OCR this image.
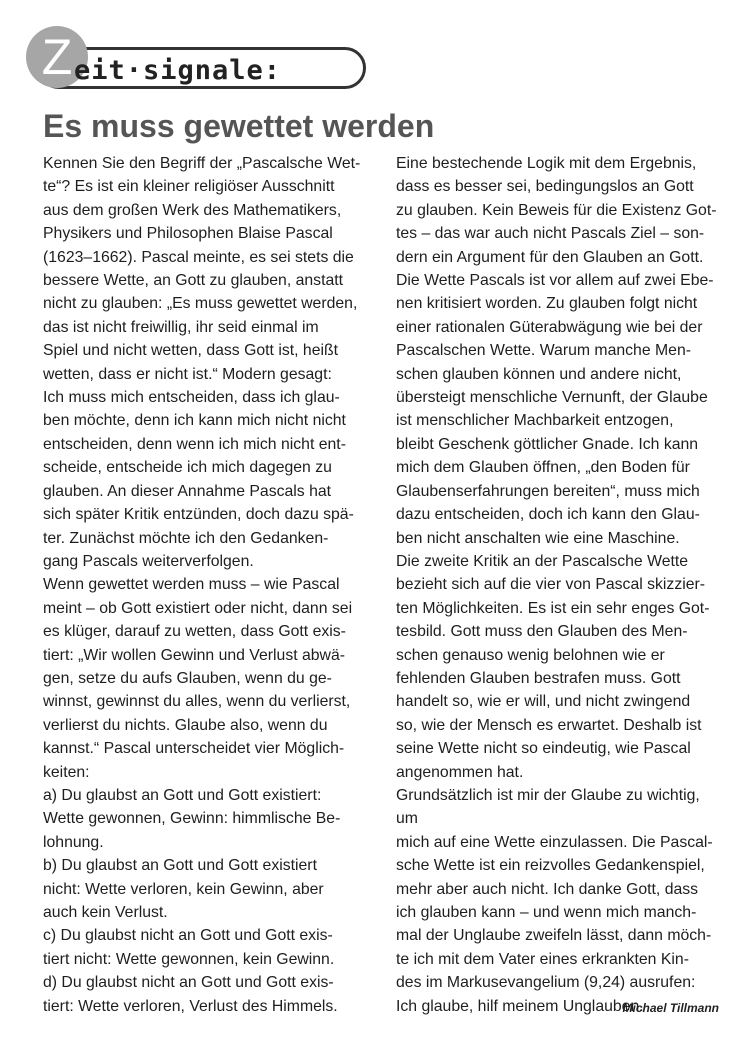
Z eit·signale:
Es muss gewettet werden

Kennen Sie den Begriff der „Pascalsche Wet-

te“? Es ist ein kleiner religiöser Ausschnitt

aus dem großen Werk des Mathematikers,

Physikers und Philosophen Blaise Pascal

(1623–1662). Pascal meinte, es sei stets die

bessere Wette, an Gott zu glauben, anstatt

nicht zu glauben: „Es muss gewettet werden,

das ist nicht freiwillig, ihr seid einmal im

Spiel und nicht wetten, dass Gott ist, heißt

wetten, dass er nicht ist.“ Modern gesagt:

Ich muss mich entscheiden, dass ich glau-

ben möchte, denn ich kann mich nicht nicht

entscheiden, denn wenn ich mich nicht ent-

scheide, entscheide ich mich dagegen zu

glauben. An dieser Annahme Pascals hat

sich später Kritik entzünden, doch dazu spä-

ter. Zunächst möchte ich den Gedanken-

gang Pascals weiterverfolgen.

Wenn gewettet werden muss – wie Pascal

meint – ob Gott existiert oder nicht, dann sei

es klüger, darauf zu wetten, dass Gott exis-

tiert: „Wir wollen Gewinn und Verlust abwä-

gen, setze du aufs Glauben, wenn du ge-

winnst, gewinnst du alles, wenn du verlierst,

verlierst du nichts. Glaube also, wenn du

kannst.“ Pascal unterscheidet vier Möglich-

keiten:

a) Du glaubst an Gott und Gott existiert:

Wette gewonnen, Gewinn: himmlische Be-

lohnung.

b) Du glaubst an Gott und Gott existiert

nicht: Wette verloren, kein Gewinn, aber

auch kein Verlust.

c) Du glaubst nicht an Gott und Gott exis-

tiert nicht: Wette gewonnen, kein Gewinn.

d) Du glaubst nicht an Gott und Gott exis-

tiert: Wette verloren, Verlust des Himmels.

Eine bestechende Logik mit dem Ergebnis,

dass es besser sei, bedingungslos an Gott

zu glauben. Kein Beweis für die Existenz Got-

tes – das war auch nicht Pascals Ziel – son-

dern ein Argument für den Glauben an Gott.

Die Wette Pascals ist vor allem auf zwei Ebe-

nen kritisiert worden. Zu glauben folgt nicht

einer rationalen Güterabwägung wie bei der

Pascalschen Wette. Warum manche Men-

schen glauben können und andere nicht,

übersteigt menschliche Vernunft, der Glaube

ist menschlicher Machbarkeit entzogen,

bleibt Geschenk göttlicher Gnade. Ich kann

mich dem Glauben öffnen, „den Boden für

Glaubenserfahrungen bereiten“, muss mich

dazu entscheiden, doch ich kann den Glau-

ben nicht anschalten wie eine Maschine.

Die zweite Kritik an der Pascalsche Wette

bezieht sich auf die vier von Pascal skizzier-

ten Möglichkeiten. Es ist ein sehr enges Got-

tesbild. Gott muss den Glauben des Men-

schen genauso wenig belohnen wie er

fehlenden Glauben bestrafen muss. Gott

handelt so, wie er will, und nicht zwingend

so, wie der Mensch es erwartet. Deshalb ist

seine Wette nicht so eindeutig, wie Pascal

angenommen hat.

Grundsätzlich ist mir der Glaube zu wichtig, um

mich auf eine Wette einzulassen. Die Pascal-

sche Wette ist ein reizvolles Gedankenspiel,

mehr aber auch nicht. Ich danke Gott, dass

ich glauben kann – und wenn mich manch-

mal der Unglaube zweifeln lässt, dann möch-

te ich mit dem Vater eines erkrankten Kin-

des im Markusevangelium (9,24) ausrufen:

Ich glaube, hilf meinem Unglauben.

Michael Tillmann
